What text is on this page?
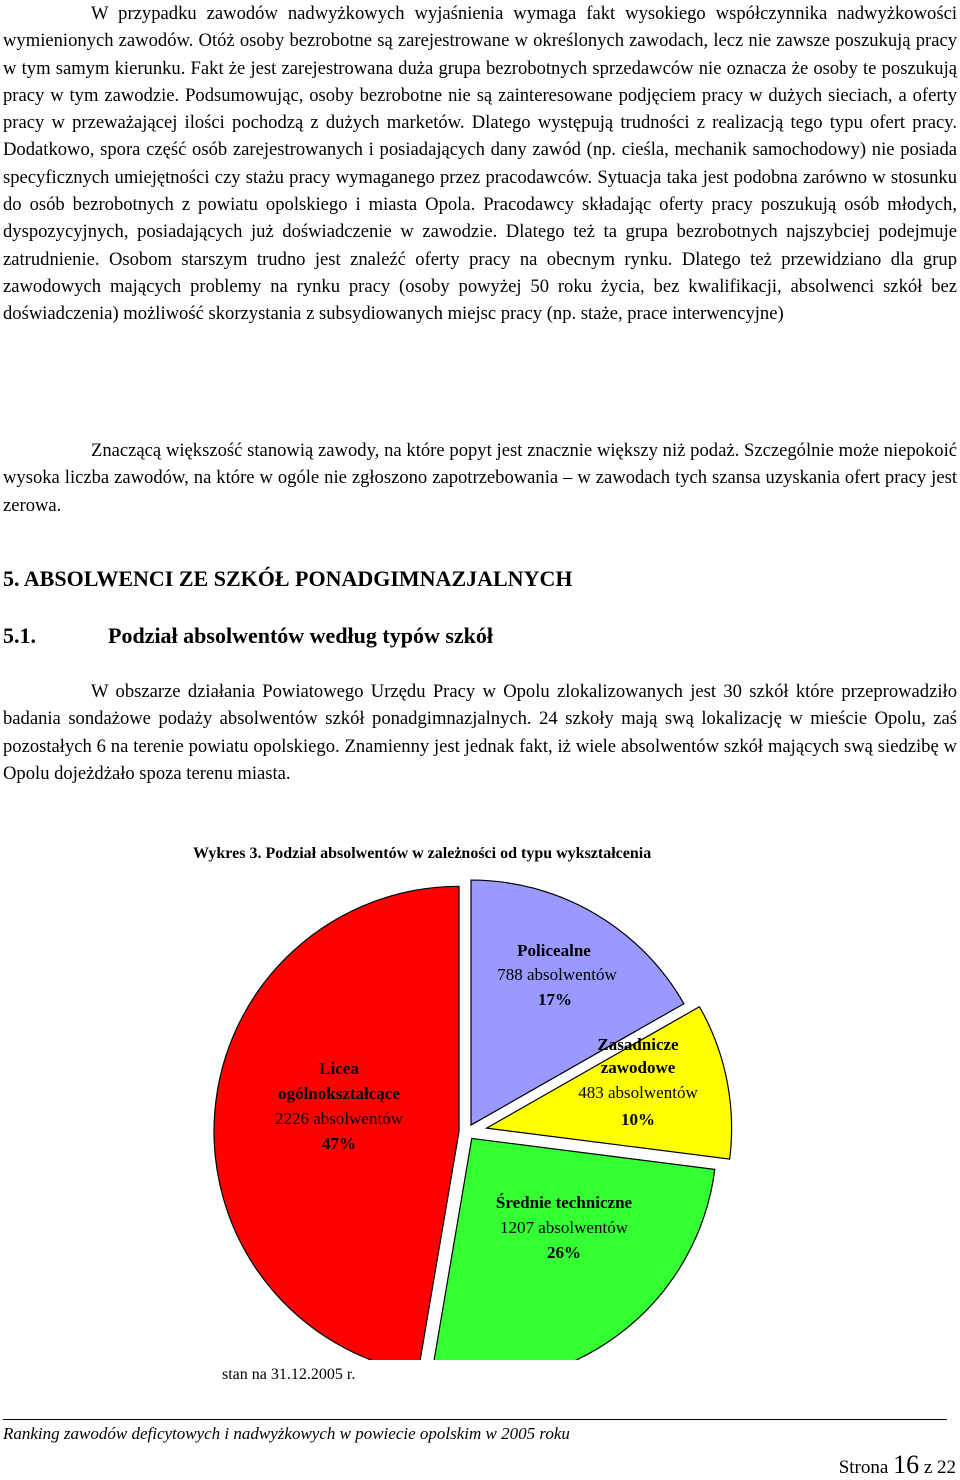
W przypadku zawodów nadwyżkowych wyjaśnienia wymaga fakt wysokiego współczynnika nadwyżkowości wymienionych zawodów. Otóż osoby bezrobotne są zarejestrowane w określonych zawodach, lecz nie zawsze poszukują pracy w tym samym kierunku. Fakt że jest zarejestrowana duża grupa bezrobotnych sprzedawców nie oznacza że osoby te poszukują pracy w tym zawodzie. Podsumowując, osoby bezrobotne nie są zainteresowane podjęciem pracy w dużych sieciach, a oferty pracy w przeważającej ilości pochodzą z dużych marketów. Dlatego występują trudności z realizacją tego typu ofert pracy. Dodatkowo, spora część osób zarejestrowanych i posiadających dany zawód (np. cieśla, mechanik samochodowy) nie posiada specyficznych umiejętności czy stażu pracy wymaganego przez pracodawców. Sytuacja taka jest podobna zarówno w stosunku do osób bezrobotnych z powiatu opolskiego i miasta Opola. Pracodawcy składając oferty pracy poszukują osób młodych, dyspozycyjnych, posiadających już doświadczenie w zawodzie. Dlatego też ta grupa bezrobotnych najszybciej podejmuje zatrudnienie. Osobom starszym trudno jest znaleźć oferty pracy na obecnym rynku. Dlatego też przewidziano dla grup zawodowych mających problemy na rynku pracy (osoby powyżej 50 roku życia, bez kwalifikacji, absolwenci szkół bez doświadczenia) możliwość skorzystania z subsydiowanych miejsc pracy (np. staże, prace interwencyjne)
Znaczącą większość stanowią zawody, na które popyt jest znacznie większy niż podaż. Szczególnie może niepokoić wysoka liczba zawodów, na które w ogóle nie zgłoszono zapotrzebowania – w zawodach tych szansa uzyskania ofert pracy jest zerowa.
5. ABSOLWENCI ZE SZKÓŁ PONADGIMNAZJALNYCH
5.1.	Podział absolwentów według typów szkół
W obszarze działania Powiatowego Urzędu Pracy w Opolu zlokalizowanych jest 30 szkół które przeprowadziło badania sondażowe podaży absolwentów szkół ponadgimnazjalnych. 24 szkoły mają swą lokalizację w mieście Opolu, zaś pozostałych 6 na terenie powiatu opolskiego. Znamienny jest jednak fakt, iż wiele absolwentów szkół mających swą siedzibę w Opolu dojeżdżało spoza terenu miasta.
Wykres 3. Podział absolwentów w zależności od typu wykształcenia
Policealne
788 absolwentów
17%
Zasadnicze
zawodowe
483 absolwentów
10%
Średnie techniczne
1207 absolwentów
26%
Licea
ogólnokształcące
2226 absolwentów
47%
stan na 31.12.2005 r.
Ranking zawodów deficytowych i nadwyżkowych w powiecie opolskim w 2005 roku
Strona 16 z 22
